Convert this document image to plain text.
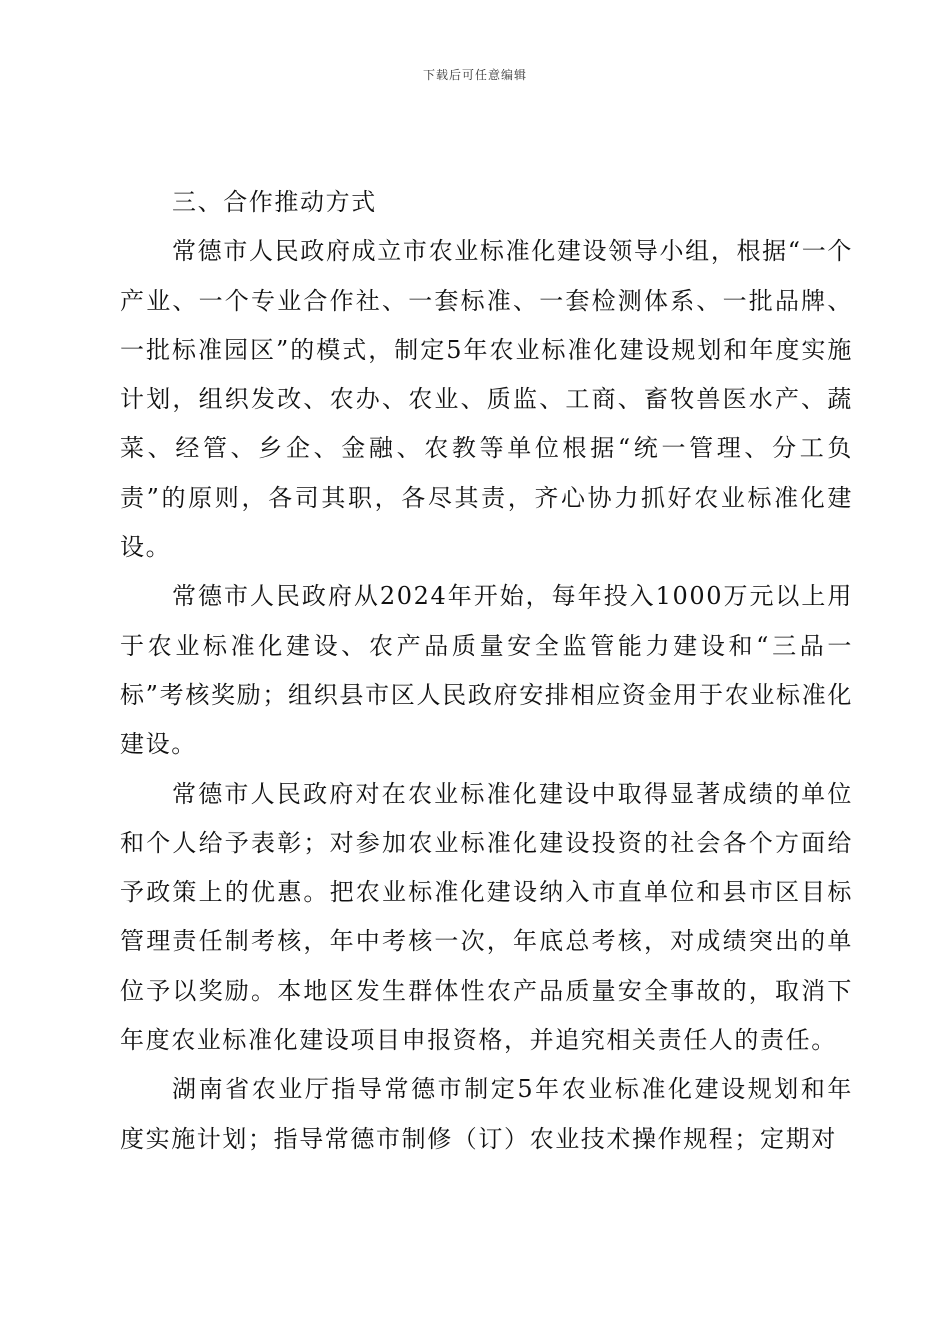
下载后可任意编辑

三、合作推动方式

常德市人民政府成立市农业标准化建设领导小组，根据“一个产业、一个专业合作社、一套标准、一套检测体系、一批品牌、一批标准园区”的模式，制定5年农业标准化建设规划和年度实施计划，组织发改、农办、农业、质监、工商、畜牧兽医水产、蔬菜、经管、乡企、金融、农教等单位根据“统一管理、分工负责”的原则，各司其职，各尽其责，齐心协力抓好农业标准化建设。

常德市人民政府从2024年开始，每年投入1000万元以上用于农业标准化建设、农产品质量安全监管能力建设和“三品一标”考核奖励；组织县市区人民政府安排相应资金用于农业标准化建设。

常德市人民政府对在农业标准化建设中取得显著成绩的单位和个人给予表彰；对参加农业标准化建设投资的社会各个方面给予政策上的优惠。把农业标准化建设纳入市直单位和县市区目标管理责任制考核，年中考核一次，年底总考核，对成绩突出的单位予以奖励。本地区发生群体性农产品质量安全事故的，取消下年度农业标准化建设项目申报资格，并追究相关责任人的责任。

湖南省农业厅指导常德市制定5年农业标准化建设规划和年度实施计划；指导常德市制修（订）农业技术操作规程；定期对
